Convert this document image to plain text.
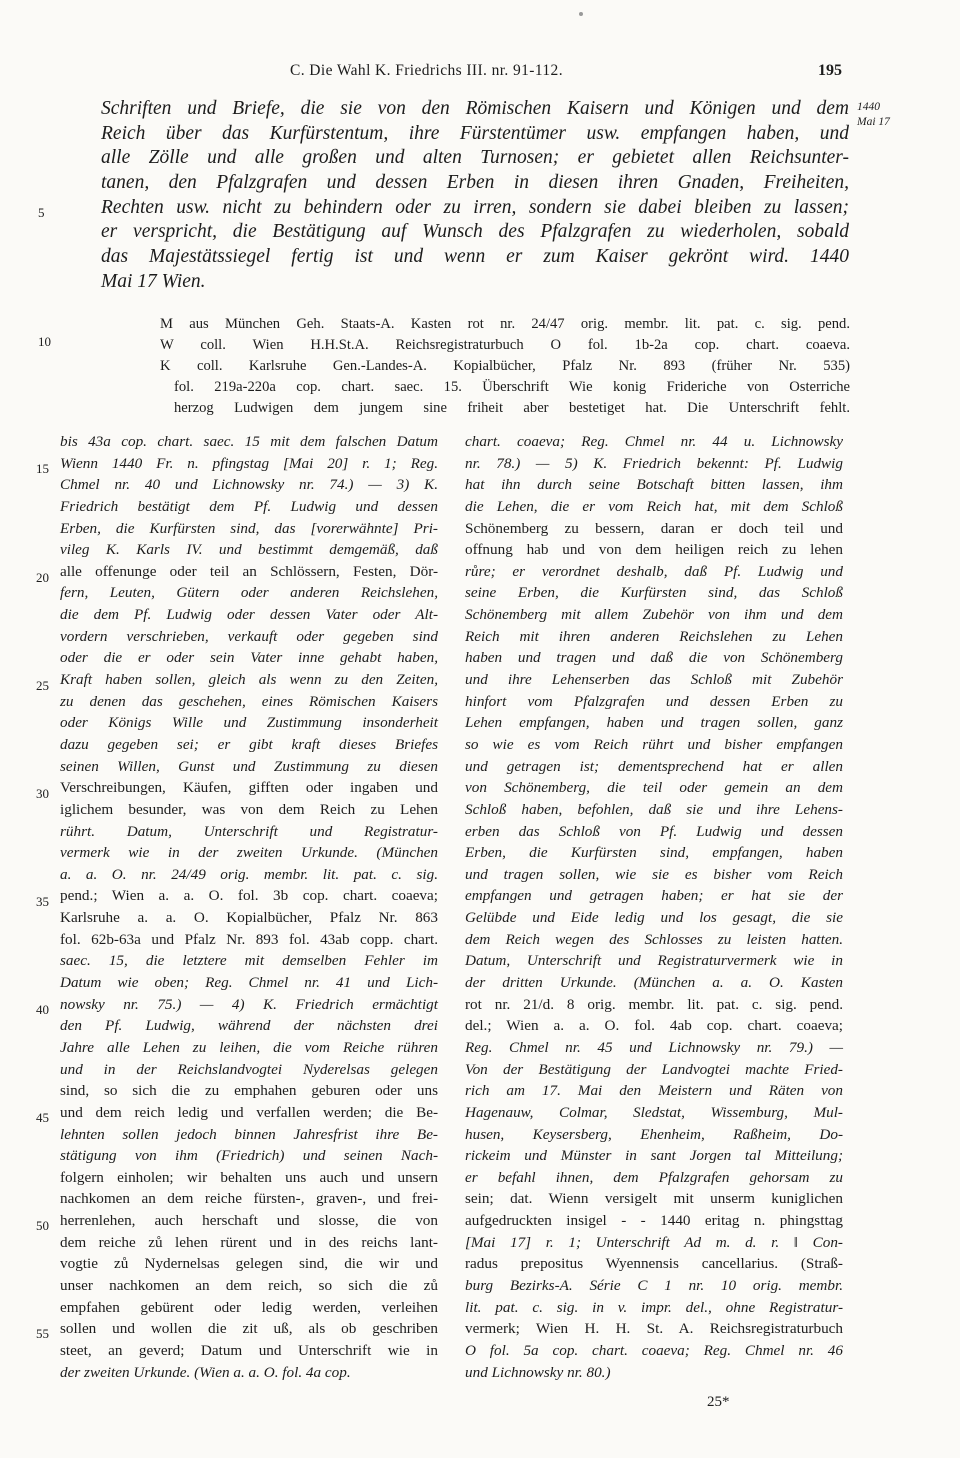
C. Die Wahl K. Friedrichs III. nr. 91-112.	195
1440
Mai 17
Schriften und Briefe, die sie von den Römischen Kaisern und Königen und dem
Reich über das Kurfürstentum, ihre Fürstentümer usw. empfangen haben, und
alle Zölle und alle großen und alten Turnosen; er gebietet allen Reichsunter-
tanen, den Pfalzgrafen und dessen Erben in diesen ihren Gnaden, Freiheiten,
Rechten usw. nicht zu behindern oder zu irren, sondern sie dabei bleiben zu lassen;
er verspricht, die Bestätigung auf Wunsch des Pfalzgrafen zu wiederholen, sobald
das Majestätssiegel fertig ist und wenn er zum Kaiser gekrönt wird. 1440
Mai 17 Wien.
M aus München Geh. Staats-A. Kasten rot nr. 24/47 orig. membr. lit. pat. c. sig. pend.
W coll. Wien H.H.St.A. Reichsregistraturbuch O fol. 1b-2a cop. chart. coaeva.
K coll. Karlsruhe Gen.-Landes-A. Kopialbücher, Pfalz Nr. 893 (früher Nr. 535)
fol. 219a-220a cop. chart. saec. 15. Überschrift Wie konig Frideriche von Osterriche
herzog Ludwigen dem jungem sine friheit aber bestetiget hat. Die Unterschrift fehlt.
5
10
15
20
25
30
35
40
45
50
55
bis 43a cop. chart. saec. 15 mit dem falschen Datum
Wienn 1440 Fr. n. pfingstag [Mai 20] r. 1; Reg.
Chmel nr. 40 und Lichnowsky nr. 74.) — 3) K.
Friedrich bestätigt dem Pf. Ludwig und dessen
Erben, die Kurfürsten sind, das [vorerwähnte] Pri-
vileg K. Karls IV. und bestimmt demgemäß, daß
alle offenunge oder teil an Schlössern, Festen, Dör-
fern, Leuten, Gütern oder anderen Reichslehen,
die dem Pf. Ludwig oder dessen Vater oder Alt-
vordern verschrieben, verkauft oder gegeben sind
oder die er oder sein Vater inne gehabt haben,
Kraft haben sollen, gleich als wenn zu den Zeiten,
zu denen das geschehen, eines Römischen Kaisers
oder Königs Wille und Zustimmung insonderheit
dazu gegeben sei; er gibt kraft dieses Briefes
seinen Willen, Gunst und Zustimmung zu diesen
Verschreibungen, Käufen, gifften oder ingaben und
iglichem besunder, was von dem Reich zu Lehen
rührt. Datum, Unterschrift und Registratur-
vermerk wie in der zweiten Urkunde. (München
a. a. O. nr. 24/49 orig. membr. lit. pat. c. sig.
pend.; Wien a. a. O. fol. 3b cop. chart. coaeva;
Karlsruhe a. a. O. Kopialbücher, Pfalz Nr. 863
fol. 62b-63a und Pfalz Nr. 893 fol. 43ab copp. chart.
saec. 15, die letztere mit demselben Fehler im
Datum wie oben; Reg. Chmel nr. 41 und Lich-
nowsky nr. 75.) — 4) K. Friedrich ermächtigt
den Pf. Ludwig, während der nächsten drei
Jahre alle Lehen zu leihen, die vom Reiche rühren
und in der Reichslandvogtei Nyderelsas gelegen
sind, so sich die zu emphahen geburen oder uns
und dem reich ledig und verfallen werden; die Be-
lehnten sollen jedoch binnen Jahresfrist ihre Be-
stätigung von ihm (Friedrich) und seinen Nach-
folgern einholen; wir behalten uns auch und unsern
nachkomen an dem reiche fürsten-, graven-, und frei-
herrenlehen, auch herschaft und slosse, die von
dem reiche zů lehen rürent und in des reichs lant-
vogtie zů Nydernelsas gelegen sind, die wir und
unser nachkomen an dem reich, so sich die zů
empfahen gebürent oder ledig werden, verleihen
sollen und wollen die zit uß, als ob geschriben
steet, an geverd; Datum und Unterschrift wie in
der zweiten Urkunde. (Wien a. a. O. fol. 4a cop.
chart. coaeva; Reg. Chmel nr. 44 u. Lichnowsky
nr. 78.) — 5) K. Friedrich bekennt: Pf. Ludwig
hat ihn durch seine Botschaft bitten lassen, ihm
die Lehen, die er vom Reich hat, mit dem Schloß
Schönemberg zu bessern, daran er doch teil und
offnung hab und von dem heiligen reich zu lehen
růre; er verordnet deshalb, daß Pf. Ludwig und
seine Erben, die Kurfürsten sind, das Schloß
Schönemberg mit allem Zubehör von ihm und dem
Reich mit ihren anderen Reichslehen zu Lehen
haben und tragen und daß die von Schönemberg
und ihre Lehenserben das Schloß mit Zubehör
hinfort vom Pfalzgrafen und dessen Erben zu
Lehen empfangen, haben und tragen sollen, ganz
so wie es vom Reich rührt und bisher empfangen
und getragen ist; dementsprechend hat er allen
von Schönemberg, die teil oder gemein an dem
Schloß haben, befohlen, daß sie und ihre Lehens-
erben das Schloß von Pf. Ludwig und dessen
Erben, die Kurfürsten sind, empfangen, haben
und tragen sollen, wie sie es bisher vom Reich
empfangen und getragen haben; er hat sie der
Gelübde und Eide ledig und los gesagt, die sie
dem Reich wegen des Schlosses zu leisten hatten.
Datum, Unterschrift und Registraturvermerk wie in
der dritten Urkunde. (München a. a. O. Kasten
rot nr. 21/d. 8 orig. membr. lit. pat. c. sig. pend.
del.; Wien a. a. O. fol. 4ab cop. chart. coaeva;
Reg. Chmel nr. 45 und Lichnowsky nr. 79.) —
Von der Bestätigung der Landvogtei machte Fried-
rich am 17. Mai den Meistern und Räten von
Hagenauw, Colmar, Sledstat, Wissemburg, Mul-
husen, Keysersberg, Ehenheim, Raßheim, Do-
rickeim und Münster in sant Jorgen tal Mitteilung;
er befahl ihnen, dem Pfalzgrafen gehorsam zu
sein; dat. Wienn versigelt mit unserm kuniglichen
aufgedruckten insigel - - 1440 eritag n. phingsttag
[Mai 17] r. 1; Unterschrift Ad m. d. r. ‖ Con-
radus prepositus Wyennensis cancellarius. (Straß-
burg Bezirks-A. Série C 1 nr. 10 orig. membr.
lit. pat. c. sig. in v. impr. del., ohne Registratur-
vermerk; Wien H. H. St. A. Reichsregistraturbuch
O fol. 5a cop. chart. coaeva; Reg. Chmel nr. 46
und Lichnowsky nr. 80.)
25*
